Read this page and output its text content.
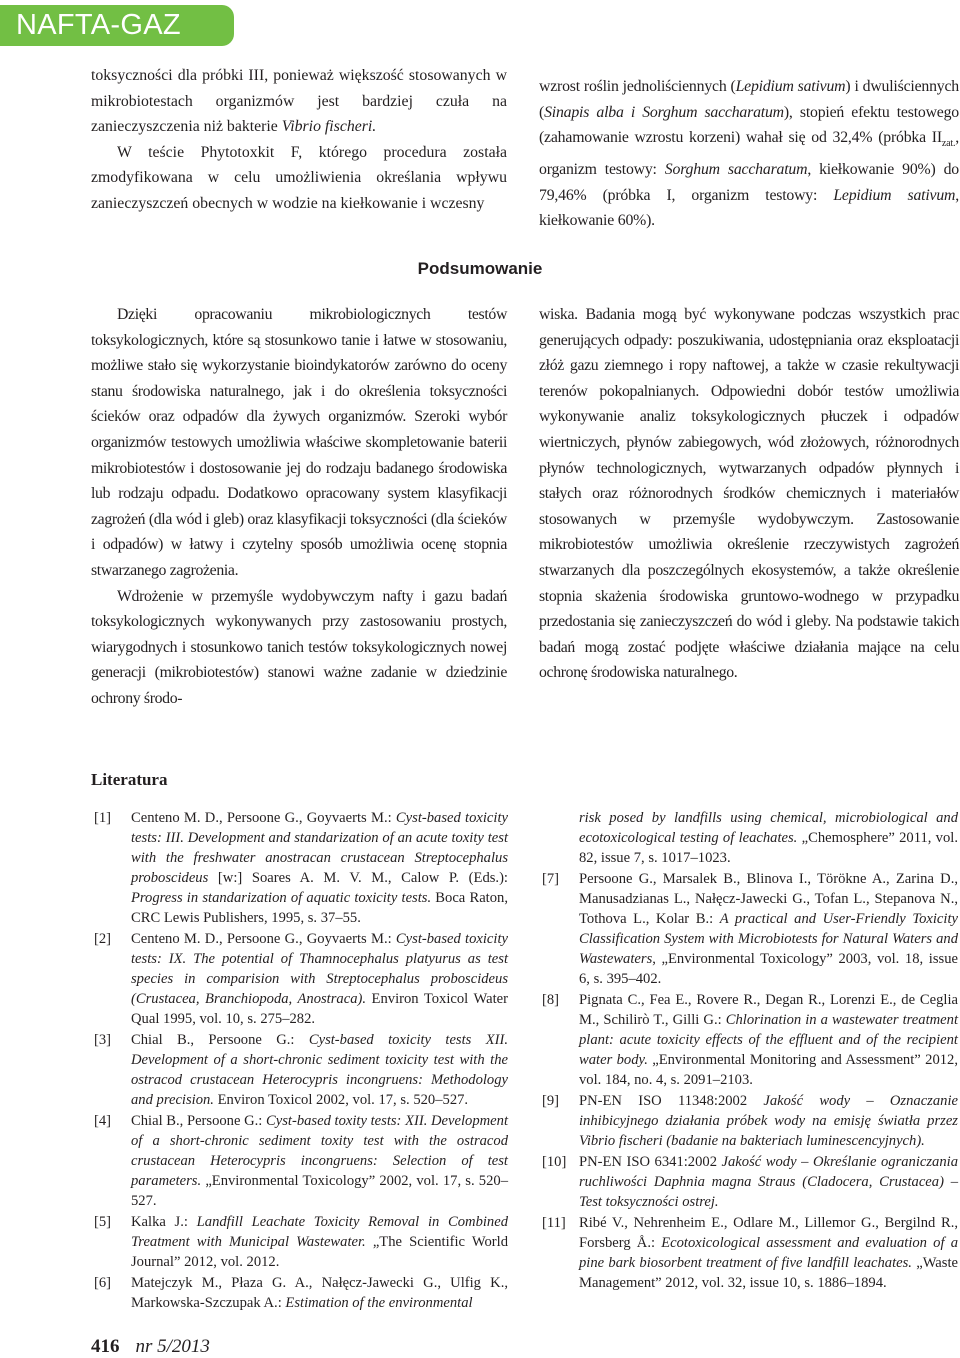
NAFTA-GAZ

toksyczności dla próbki III, ponieważ większość stosowanych w mikrobiotestach organizmów jest bardziej czuła na zanieczyszczenia niż bakterie Vibrio fischeri.

W teście Phytotoxkit F, którego procedura została zmodyfikowana w celu umożliwienia określania wpływu zanieczyszczeń obecnych w wodzie na kiełkowanie i wczesny

wzrost roślin jednoliściennych (Lepidium sativum) i dwuliściennych (Sinapis alba i Sorghum saccharatum), stopień efektu testowego (zahamowanie wzrostu korzeni) wahał się od 32,4% (próbka $II_{zat.}$, organizm testowy: Sorghum saccharatum, kiełkowanie 90%) do 79,46% (próbka I, organizm testowy: Lepidium sativum, kiełkowanie 60%).

Podsumowanie

Dzięki opracowaniu mikrobiologicznych testów toksykologicznych, które są stosunkowo tanie i łatwe w stosowaniu, możliwe stało się wykorzystanie bioindykatorów zarówno do oceny stanu środowiska naturalnego, jak i do określenia toksyczności ścieków oraz odpadów dla żywych organizmów. Szeroki wybór organizmów testowych umożliwia właściwe skompletowanie baterii mikrobiotestów i dostosowanie jej do rodzaju badanego środowiska lub rodzaju odpadu. Dodatkowo opracowany system klasyfikacji zagrożeń (dla wód i gleb) oraz klasyfikacji toksyczności (dla ścieków i odpadów) w łatwy i czytelny sposób umożliwia ocenę stopnia stwarzanego zagrożenia.

Wdrożenie w przemyśle wydobywczym nafty i gazu badań toksykologicznych wykonywanych przy zastosowaniu prostych, wiarygodnych i stosunkowo tanich testów toksykologicznych nowej generacji (mikrobiotestów) stanowi ważne zadanie w dziedzinie ochrony środo-

wiska. Badania mogą być wykonywane podczas wszystkich prac generujących odpady: poszukiwania, udostępniania oraz eksploatacji złóż gazu ziemnego i ropy naftowej, a także w czasie rekultywacji terenów pokopalnianych. Odpowiedni dobór testów umożliwia wykonywanie analiz toksykologicznych płuczek i odpadów wiertniczych, płynów zabiegowych, wód złożowych, różnorodnych płynów technologicznych, wytwarzanych odpadów płynnych i stałych oraz różnorodnych środków chemicznych i materiałów stosowanych w przemyśle wydobywczym. Zastosowanie mikrobiotestów umożliwia określenie rzeczywistych zagrożeń stwarzanych dla poszczególnych ekosystemów, a także określenie stopnia skażenia środowiska gruntowo-wodnego w przypadku przedostania się zanieczyszczeń do wód i gleby. Na podstawie takich badań mogą zostać podjęte właściwe działania mające na celu ochronę środowiska naturalnego.

Literatura
[1]	Centeno M. D., Persoone G., Goyvaerts M.: Cyst-based toxicity tests: III. Development and standarization of an acute toxity test with the freshwater anostracan crustacean Streptocephalus proboscideus [w:] Soares A. M. V. M., Calow P. (Eds.): Progress in standarization of aquatic toxicity tests. Boca Raton, CRC Lewis Publishers, 1995, s. 37–55.
[2]	Centeno M. D., Persoone G., Goyvaerts M.: Cyst-based toxicity tests: IX. The potential of Thamnocephalus platyurus as test species in comparision with Streptocephalus proboscideus (Crustacea, Branchiopoda, Anostraca). Environ Toxicol Water Qual 1995, vol. 10, s. 275–282.
[3]	Chial B., Persoone G.: Cyst-based toxicity tests XII. Development of a short-chronic sediment toxicity test with the ostracod crustacean Heterocypris incongruens: Methodology and precision. Environ Toxicol 2002, vol. 17, s. 520–527.
[4]	Chial B., Persoone G.: Cyst-based toxity tests: XII. Development of a short-chronic sediment toxity test with the ostracod crustacean Heterocypris incongruens: Selection of test parameters. „Environmental Toxicology” 2002, vol. 17, s. 520–527.
[5]	Kalka J.: Landfill Leachate Toxicity Removal in Combined Treatment with Municipal Wastewater. „The Scientific World Journal” 2012, vol. 2012.
[6]	Matejczyk M., Płaza G. A., Nałęcz-Jawecki G., Ulfig K., Markowska-Szczupak A.: Estimation of the environmental
risk posed by landfills using chemical, microbiological and ecotoxicological testing of leachates. „Chemosphere” 2011, vol. 82, issue 7, s. 1017–1023.
[7]	Persoone G., Marsalek B., Blinova I., Törökne A., Zarina D., Manusadzianas L., Nałęcz-Jawecki G., Tofan L., Stepanova N., Tothova L., Kolar B.: A practical and User-Friendly Toxicity Classification System with Microbiotests for Natural Waters and Wastewaters, „Environmental Toxicology” 2003, vol. 18, issue 6, s. 395–402.
[8]	Pignata C., Fea E., Rovere R., Degan R., Lorenzi E., de Ceglia M., Schilirò T., Gilli G.: Chlorination in a wastewater treatment plant: acute toxicity effects of the effluent and of the recipient water body. „Environmental Monitoring and Assessment” 2012, vol. 184, no. 4, s. 2091–2103.
[9]	PN-EN ISO 11348:2002 Jakość wody – Oznaczanie inhibicyjnego działania próbek wody na emisję światła przez Vibrio fischeri (badanie na bakteriach luminescencyjnych).
[10] PN-EN ISO 6341:2002 Jakość wody – Określanie ograniczania ruchliwości Daphnia magna Straus (Cladocera, Crustacea) – Test toksyczności ostrej.
[11] Ribé V., Nehrenheim E., Odlare M., Lillemor G., Bergilnd R., Forsberg Å.: Ecotoxicological assessment and evaluation of a pine bark biosorbent treatment of five landfill leachates. „Waste Management” 2012, vol. 32, issue 10, s. 1886–1894.
416 nr 5/2013
